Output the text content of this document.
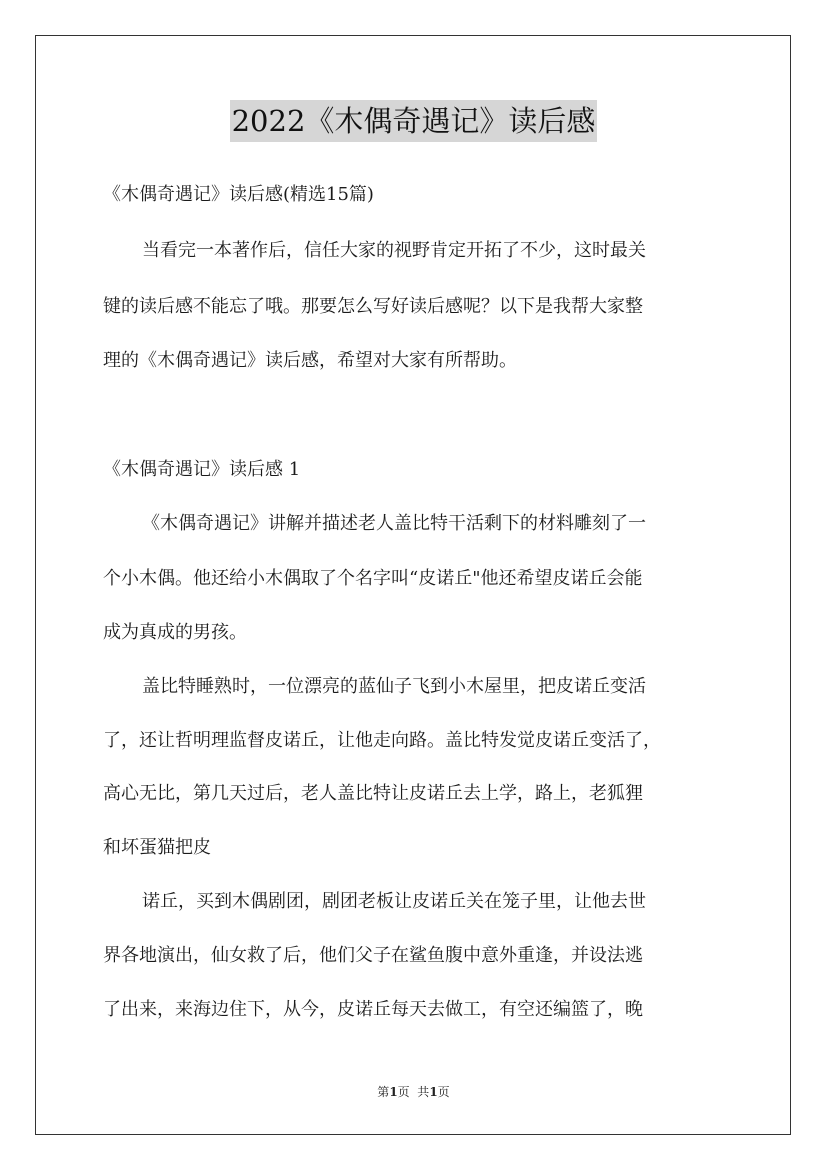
2022《木偶奇遇记》读后感
《木偶奇遇记》读后感(精选15篇)
当看完一本著作后，信任大家的视野肯定开拓了不少，这时最关
键的读后感不能忘了哦。那要怎么写好读后感呢？以下是我帮大家整
理的《木偶奇遇记》读后感，希望对大家有所帮助。
《木偶奇遇记》读后感 1
《木偶奇遇记》讲解并描述老人盖比特干活剩下的材料雕刻了一
个小木偶。他还给小木偶取了个名字叫“皮诺丘"他还希望皮诺丘会能
成为真成的男孩。
盖比特睡熟时，一位漂亮的蓝仙子飞到小木屋里，把皮诺丘变活
了，还让哲明理监督皮诺丘，让他走向路。盖比特发觉皮诺丘变活了，
高心无比，第几天过后，老人盖比特让皮诺丘去上学，路上，老狐狸
和坏蛋猫把皮
诺丘，买到木偶剧团，剧团老板让皮诺丘关在笼子里，让他去世
界各地演出，仙女救了后，他们父子在鲨鱼腹中意外重逢，并设法逃
了出来，来海边住下，从今，皮诺丘每天去做工，有空还编篮了，晚
第1页  共1页
